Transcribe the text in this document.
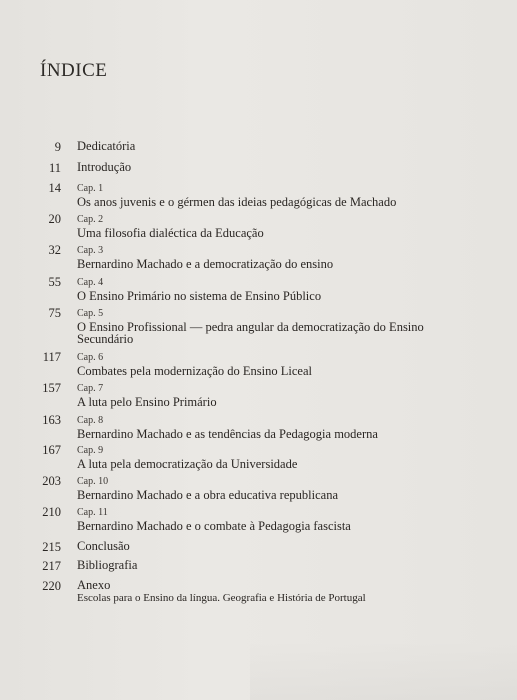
ÍNDICE
9 Dedicatória
11 Introdução
14 Cap. 1
Os anos juvenis e o gérmen das ideias pedagógicas de Machado
20 Cap. 2
Uma filosofia dialéctica da Educação
32 Cap. 3
Bernardino Machado e a democratização do ensino
55 Cap. 4
O Ensino Primário no sistema de Ensino Público
75 Cap. 5
O Ensino Profissional — pedra angular da democratização do Ensino
Secundário
117 Cap. 6
Combates pela modernização do Ensino Liceal
157 Cap. 7
A luta pelo Ensino Primário
163 Cap. 8
Bernardino Machado e as tendências da Pedagogia moderna
167 Cap. 9
A luta pela democratização da Universidade
203 Cap. 10
Bernardino Machado e a obra educativa republicana
210 Cap. 11
Bernardino Machado e o combate à Pedagogia fascista
215 Conclusão
217 Bibliografia
220 Anexo
Escolas para o Ensino da língua. Geografia e História de Portugal
